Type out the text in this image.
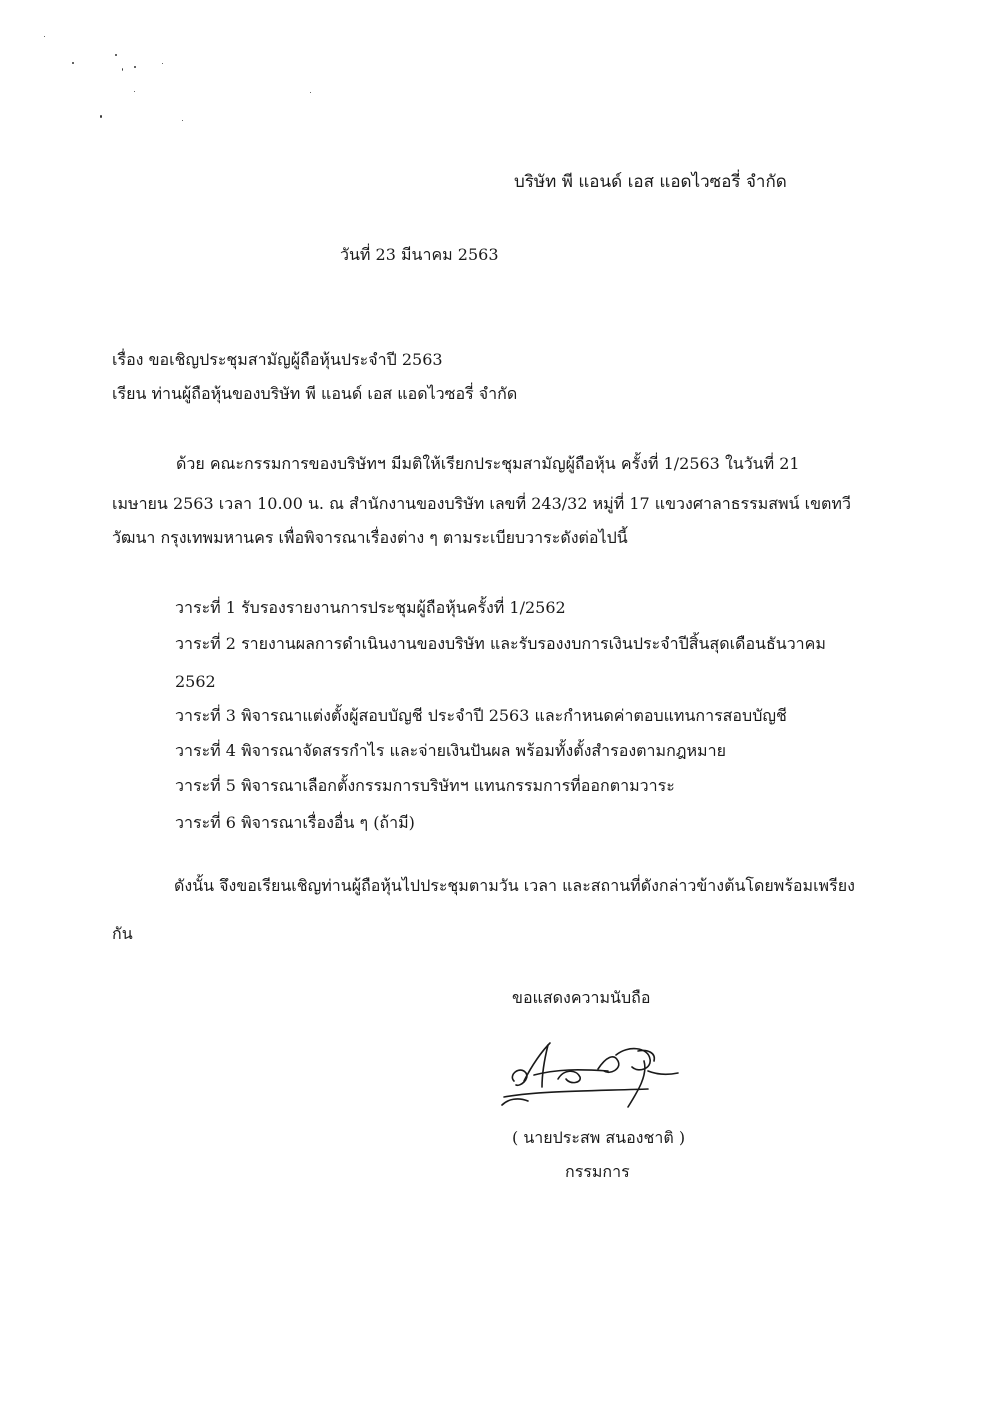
บริษัท พี แอนด์ เอส แอดไวซอรี่ จำกัด
วันที่ 23 มีนาคม 2563
เรื่อง ขอเชิญประชุมสามัญผู้ถือหุ้นประจำปี 2563
เรียน ท่านผู้ถือหุ้นของบริษัท พี แอนด์ เอส แอดไวซอรี่ จำกัด
ด้วย คณะกรรมการของบริษัทฯ มีมติให้เรียกประชุมสามัญผู้ถือหุ้น ครั้งที่ 1/2563 ในวันที่ 21
เมษายน 2563 เวลา 10.00 น. ณ สำนักงานของบริษัท เลขที่ 243/32 หมู่ที่ 17 แขวงศาลาธรรมสพน์ เขตทวี
วัฒนา กรุงเทพมหานคร เพื่อพิจารณาเรื่องต่าง ๆ ตามระเบียบวาระดังต่อไปนี้
วาระที่ 1 รับรองรายงานการประชุมผู้ถือหุ้นครั้งที่ 1/2562
วาระที่ 2 รายงานผลการดำเนินงานของบริษัท และรับรองงบการเงินประจำปีสิ้นสุดเดือนธันวาคม
2562
วาระที่ 3 พิจารณาแต่งตั้งผู้สอบบัญชี ประจำปี 2563 และกำหนดค่าตอบแทนการสอบบัญชี
วาระที่ 4 พิจารณาจัดสรรกำไร และจ่ายเงินปันผล พร้อมทั้งตั้งสำรองตามกฎหมาย
วาระที่ 5 พิจารณาเลือกตั้งกรรมการบริษัทฯ แทนกรรมการที่ออกตามวาระ
วาระที่ 6 พิจารณาเรื่องอื่น ๆ (ถ้ามี)
ดังนั้น จึงขอเรียนเชิญท่านผู้ถือหุ้นไปประชุมตามวัน เวลา และสถานที่ดังกล่าวข้างต้นโดยพร้อมเพรียง
กัน
ขอแสดงความนับถือ
( นายประสพ สนองชาติ )
กรรมการ
